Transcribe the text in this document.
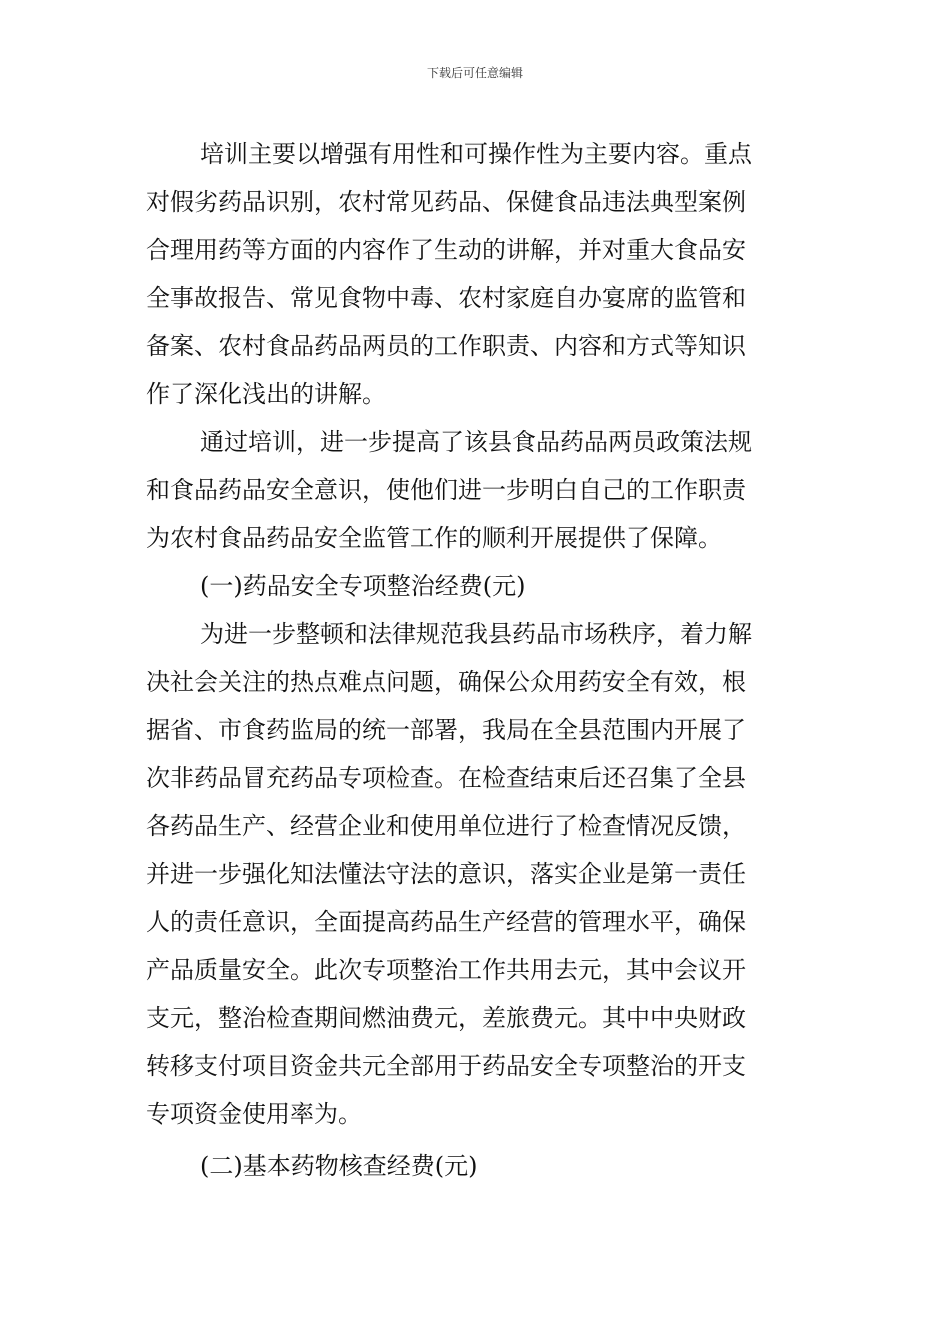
下载后可任意编辑
培训主要以增强有用性和可操作性为主要内容。重点
对假劣药品识别，农村常见药品、保健食品违法典型案例
合理用药等方面的内容作了生动的讲解，并对重大食品安
全事故报告、常见食物中毒、农村家庭自办宴席的监管和
备案、农村食品药品两员的工作职责、内容和方式等知识
作了深化浅出的讲解。
通过培训，进一步提高了该县食品药品两员政策法规
和食品药品安全意识，使他们进一步明白自己的工作职责
为农村食品药品安全监管工作的顺利开展提供了保障。
(一)药品安全专项整治经费(元)
为进一步整顿和法律规范我县药品市场秩序，着力解
决社会关注的热点难点问题，确保公众用药安全有效，根
据省、市食药监局的统一部署，我局在全县范围内开展了
次非药品冒充药品专项检查。在检查结束后还召集了全县
各药品生产、经营企业和使用单位进行了检查情况反馈，
并进一步强化知法懂法守法的意识，落实企业是第一责任
人的责任意识，全面提高药品生产经营的管理水平，确保
产品质量安全。此次专项整治工作共用去元，其中会议开
支元，整治检查期间燃油费元，差旅费元。其中中央财政
转移支付项目资金共元全部用于药品安全专项整治的开支
专项资金使用率为。
(二)基本药物核查经费(元)
